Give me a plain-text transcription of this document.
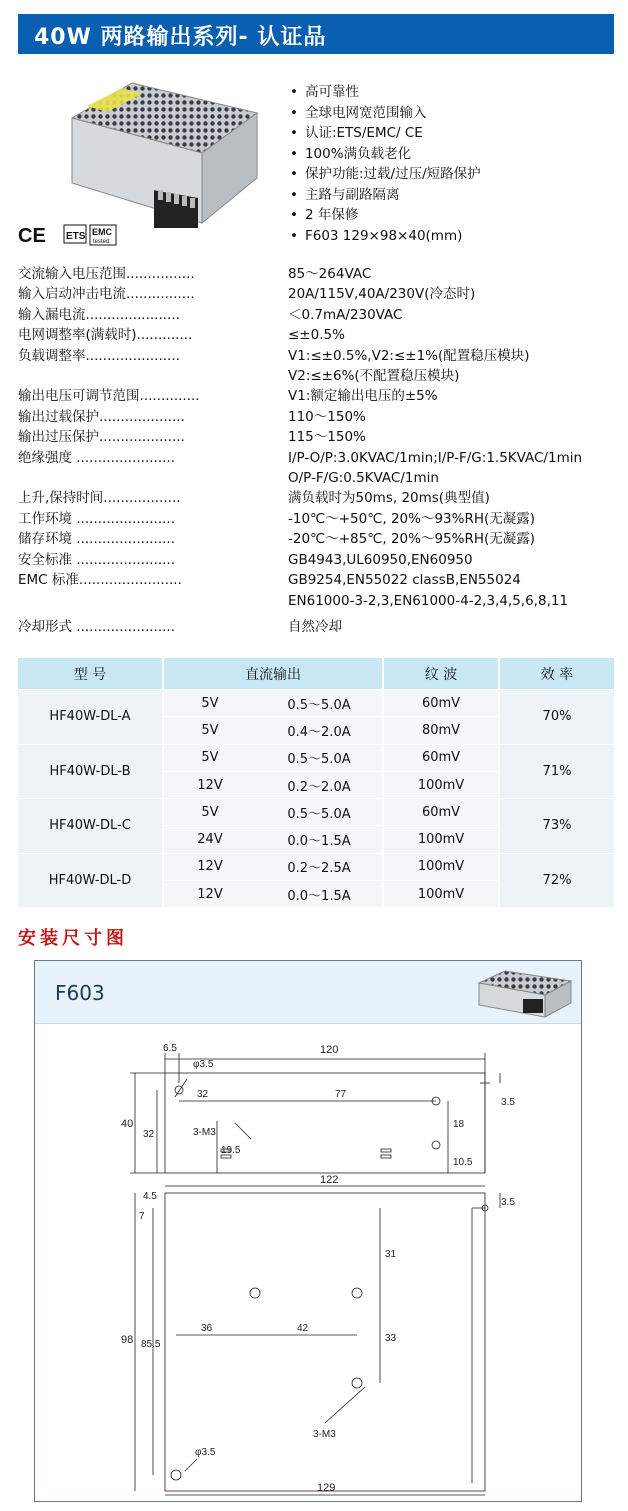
40W 两路输出系列- 认证品
CE ETS EMC
tested
• 高可靠性
• 全球电网宽范围输入
• 认证:ETS/EMC/ CE
• 100%满负载老化
• 保护功能:过载/过压/短路保护
• 主路与副路隔离
• 2 年保修
• F603 129×98×40(mm)
交流输入电压范围................	85～264VAC
输入启动冲击电流................	20A/115V,40A/230V(冷态时)
输入漏电流......................	＜0.7mA/230VAC
电网调整率(满载时).............	≤±0.5%
负载调整率......................	V1:≤±0.5%,V2:≤±1%(配置稳压模块)
V2:≤±6%(不配置稳压模块)
输出电压可调节范围..............	V1:额定输出电压的±5%
输出过载保护....................	110～150%
输出过压保护....................	115～150%
绝缘强度 .......................	I/P-O/P:3.0KVAC/1min;I/P-F/G:1.5KVAC/1min
O/P-F/G:0.5KVAC/1min
上升,保持时间..................	满负载时为50ms, 20ms(典型值)
工作环境 .......................	-10℃～+50℃, 20%～93%RH(无凝露)
储存环境 .......................	-20℃～+85℃, 20%～95%RH(无凝露)
安全标准 .......................	GB4943,UL60950,EN60950
EMC 标准........................	GB9254,EN55022 classB,EN55024
EN61000-3-2,3,EN61000-4-2,3,4,5,6,8,11
冷却形式 .......................	自然冷却
型 号	直流输出		纹 波	效 率
HF40W-DL-A	5V	0.5～5.0A	60mV	70%
	5V	0.4～2.0A	80mV	
HF40W-DL-B	5V	0.5～5.0A	60mV	71%
	12V	0.2～2.0A	100mV	
HF40W-DL-C	5V	0.5～5.0A	60mV	73%
	24V	0.0～1.5A	100mV	
HF40W-DL-D	12V	0.2～2.5A	100mV	72%
	12V	0.0～1.5A	100mV	
安装尺寸图
F603
6.5	120
φ3.5
40
32
32	77
3.5
3-M3
19.5
18
10.5
4.5
122
3.5
7
31
98 85.5
36	42
33
3-M3
φ3.5
129
